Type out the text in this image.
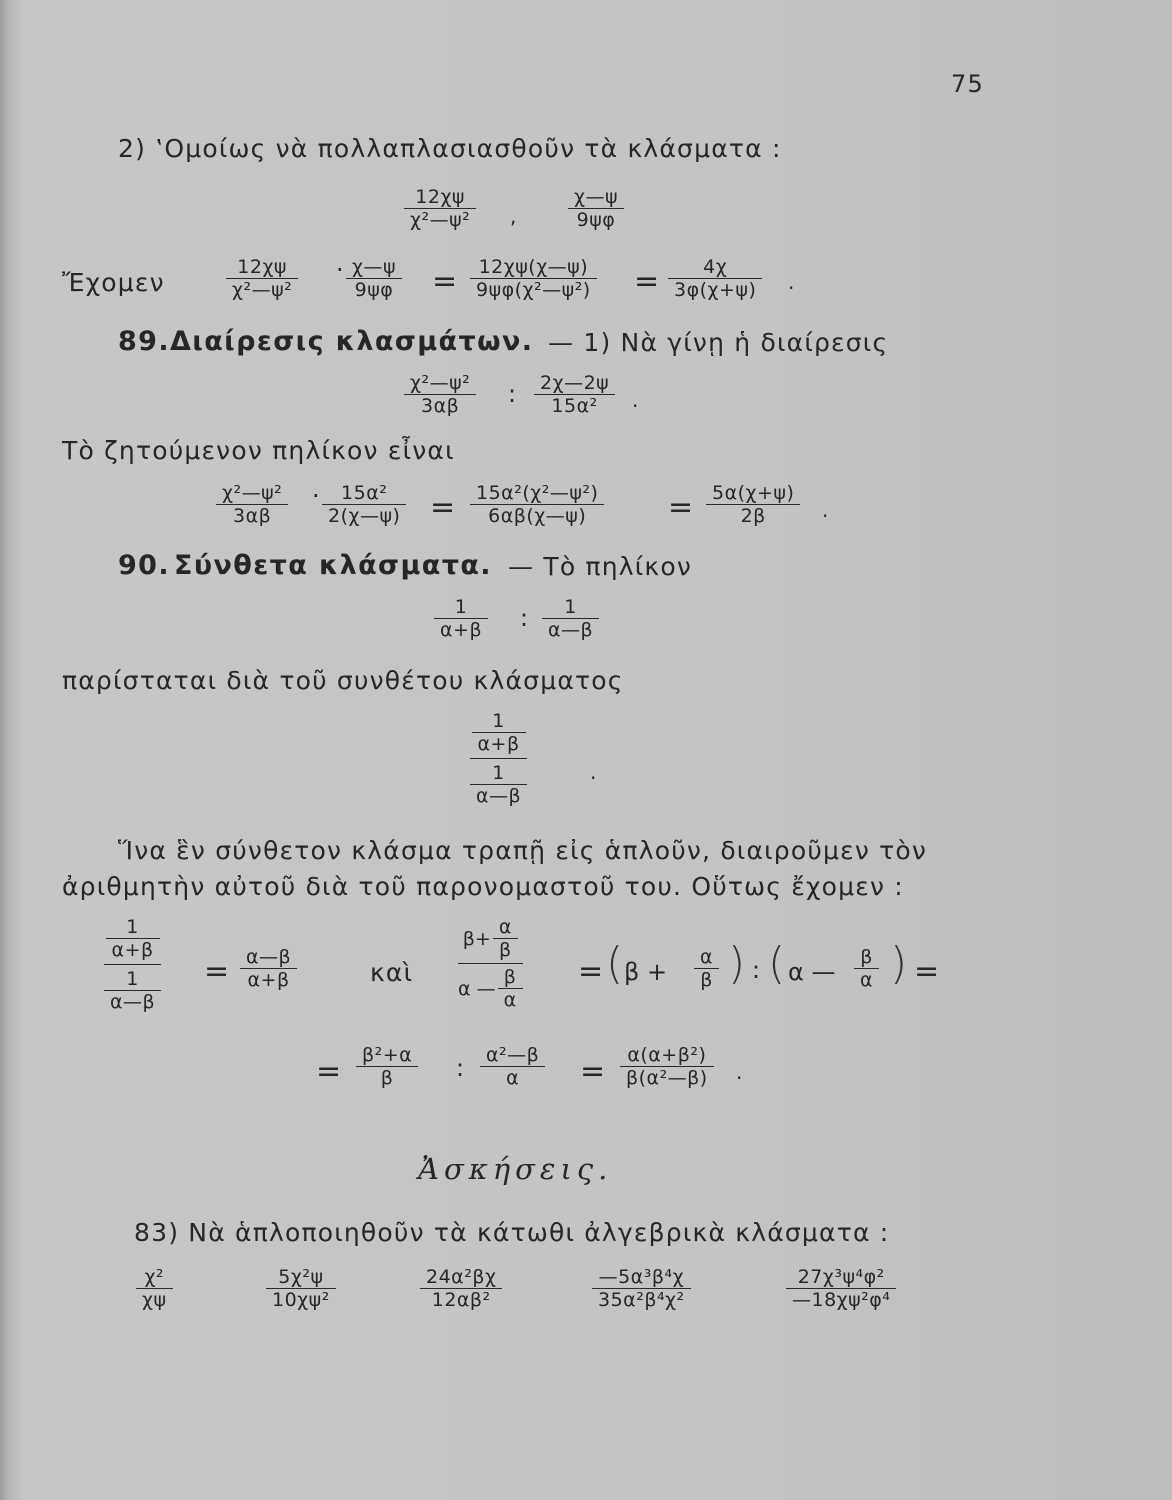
75
2) ‛Ομοίως νὰ πολλαπλασιασθοῦν τὰ κλάσματα :
12χψ
χ²—ψ²	,
χ—ψ
9ψφ
Ἔχομεν
12χψ
χ²—ψ²
· χ—ψ
9ψφ =	12χψ(χ—ψ)
9ψφ(χ²—ψ²) =	4χ
3φ(χ+ψ)	.
89. Διαίρεσις κλασμάτων. — 1) Νὰ γίνῃ ἡ διαίρεσις
χ²—ψ²
3αβ :	2χ—2ψ
15α²	.
Τὸ ζητούμενον πηλίκον εἶναι
χ²—ψ²
3αβ
·	15α²
2(χ—ψ) =	15α²(χ²—ψ²)
6αβ(χ—ψ)	= 5α(χ+ψ)
2β	.
90. Σύνθετα κλάσματα. — Τὸ πηλίκον
1
α+β :	1
α—β
παρίσταται διὰ τοῦ συνθέτου κλάσματος
$\frac{1}{\alpha+\beta}$
$\frac{1}{\alpha—\beta}$	.
Ἵνα ἓν σύνθετον κλάσμα τραπῇ εἰς ἁπλοῦν, διαιροῦμεν τὸν
ἀριθμητὴν αὐτοῦ διὰ τοῦ παρονομαστοῦ του. Οὕτως ἔχομεν :
$\frac{1}{\alpha+\beta}$
$\frac{1}{\alpha—\beta}$ = α—β
α+β	καὶ
$\beta+ \frac{\alpha}{\beta}$
α — $\frac{\beta}{\alpha}$ = ( β +
α
β ) : ( α —
β
α ) =
=	β²+α
β	:	α²—β
α =	α(α+β²)
β(α²—β)	.
Ἀσκήσεις.
83) Νὰ ἁπλοποιηθοῦν τὰ κάτωθι ἀλγεβρικὰ κλάσματα :
χ²
χψ
5χ²ψ
10χψ²
24α²βχ
12αβ²
—5α³β⁴χ
35α²β⁴χ²
27χ³ψ⁴φ²
—18χψ²φ⁴
